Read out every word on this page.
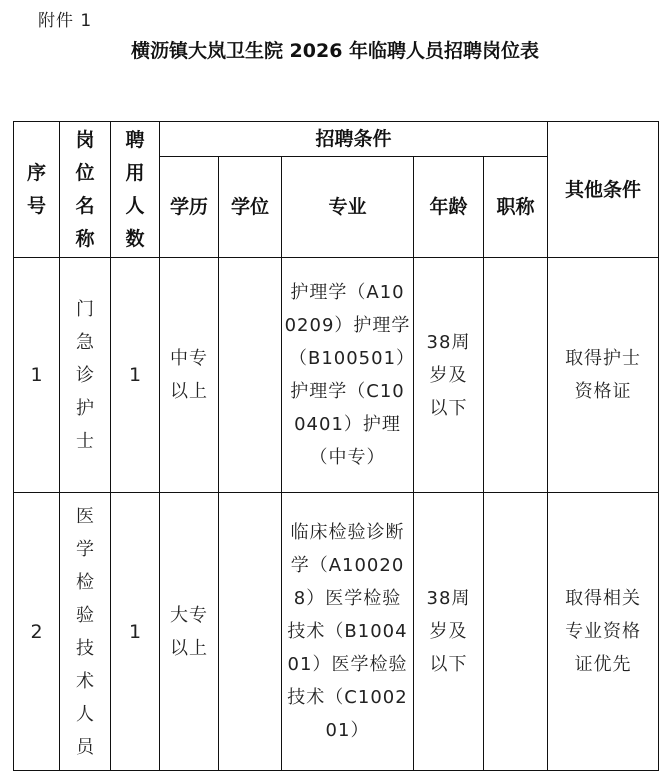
附件 1
横沥镇大岚卫生院 2026 年临聘人员招聘岗位表
序号	岗位名称	聘用人数	招聘条件					其他条件
			学历	学位	专业	年龄	职称	
1	门急诊护士	1	中专以上		护理学（A100209）护理学（B100501）护理学（C100401）护理（中专）	38周岁及以下		取得护士资格证

2	医学检验技术人员	1	大专以上		临床检验诊断学（A100208）医学检验技术（B100401）医学检验技术（C100201）	38周岁及以下		取得相关专业资格证优先
